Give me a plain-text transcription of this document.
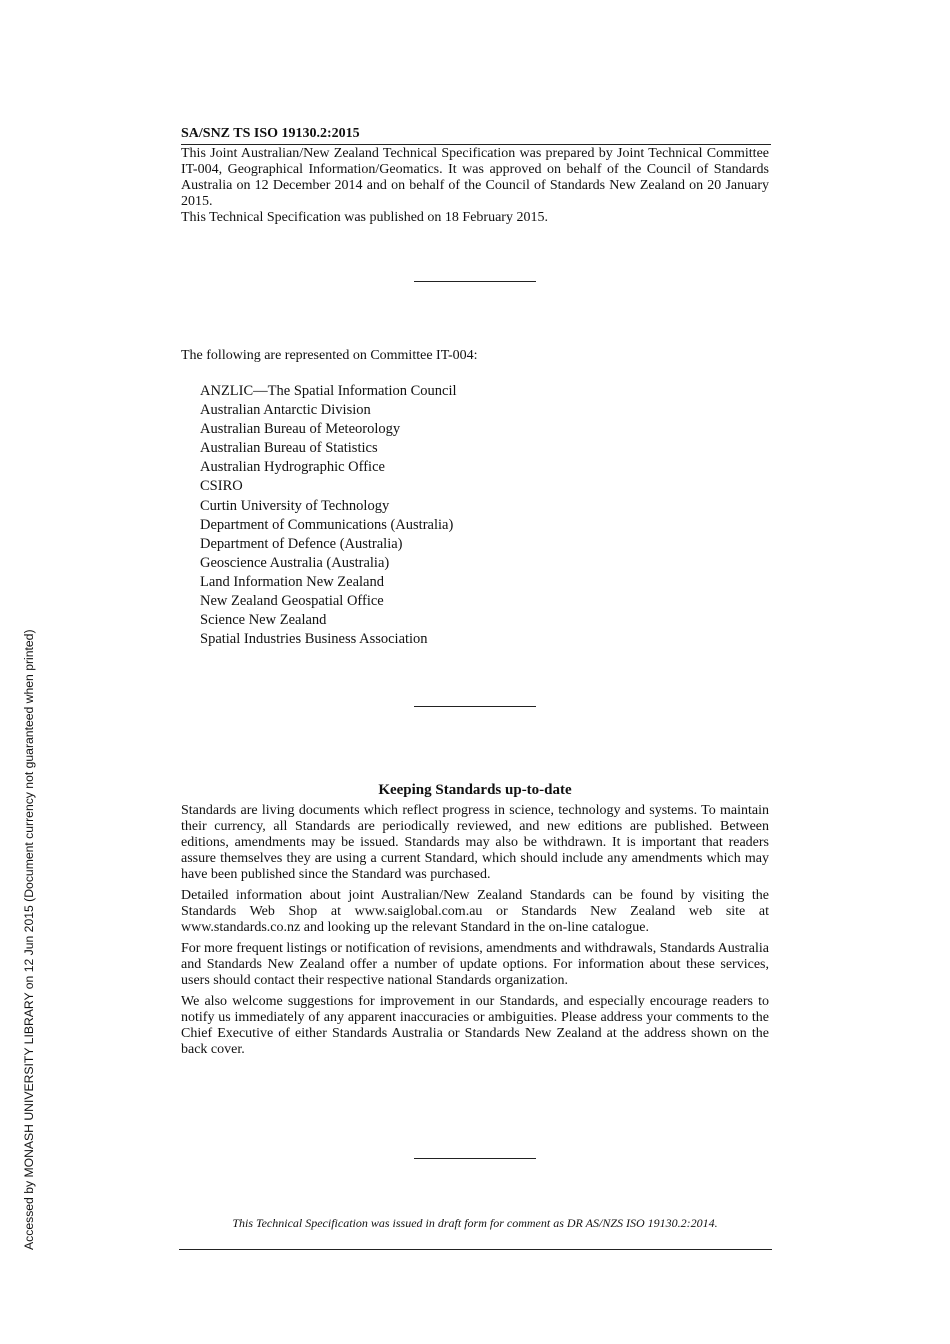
SA/SNZ TS ISO 19130.2:2015

This Joint Australian/New Zealand Technical Specification was prepared by Joint Technical Committee IT-004, Geographical Information/Geomatics. It was approved on behalf of the Council of Standards Australia on 12 December 2014 and on behalf of the Council of Standards New Zealand on 20 January 2015.

This Technical Specification was published on 18 February 2015.

The following are represented on Committee IT-004:
ANZLIC—The Spatial Information Council
Australian Antarctic Division
Australian Bureau of Meteorology
Australian Bureau of Statistics
Australian Hydrographic Office
CSIRO
Curtin University of Technology
Department of Communications (Australia)
Department of Defence (Australia)
Geoscience Australia (Australia)
Land Information New Zealand
New Zealand Geospatial Office
Science New Zealand
Spatial Industries Business Association
Keeping Standards up-to-date

Standards are living documents which reflect progress in science, technology and systems. To maintain their currency, all Standards are periodically reviewed, and new editions are published. Between editions, amendments may be issued. Standards may also be withdrawn. It is important that readers assure themselves they are using a current Standard, which should include any amendments which may have been published since the Standard was purchased.

Detailed information about joint Australian/New Zealand Standards can be found by visiting the Standards Web Shop at www.saiglobal.com.au or Standards New Zealand web site at www.standards.co.nz and looking up the relevant Standard in the on-line catalogue.

For more frequent listings or notification of revisions, amendments and withdrawals, Standards Australia and Standards New Zealand offer a number of update options. For information about these services, users should contact their respective national Standards organization.

We also welcome suggestions for improvement in our Standards, and especially encourage readers to notify us immediately of any apparent inaccuracies or ambiguities. Please address your comments to the Chief Executive of either Standards Australia or Standards New Zealand at the address shown on the back cover.

This Technical Specification was issued in draft form for comment as DR AS/NZS ISO 19130.2:2014.
Accessed by MONASH UNIVERSITY LIBRARY on 12 Jun 2015 (Document currency not guaranteed when printed)
